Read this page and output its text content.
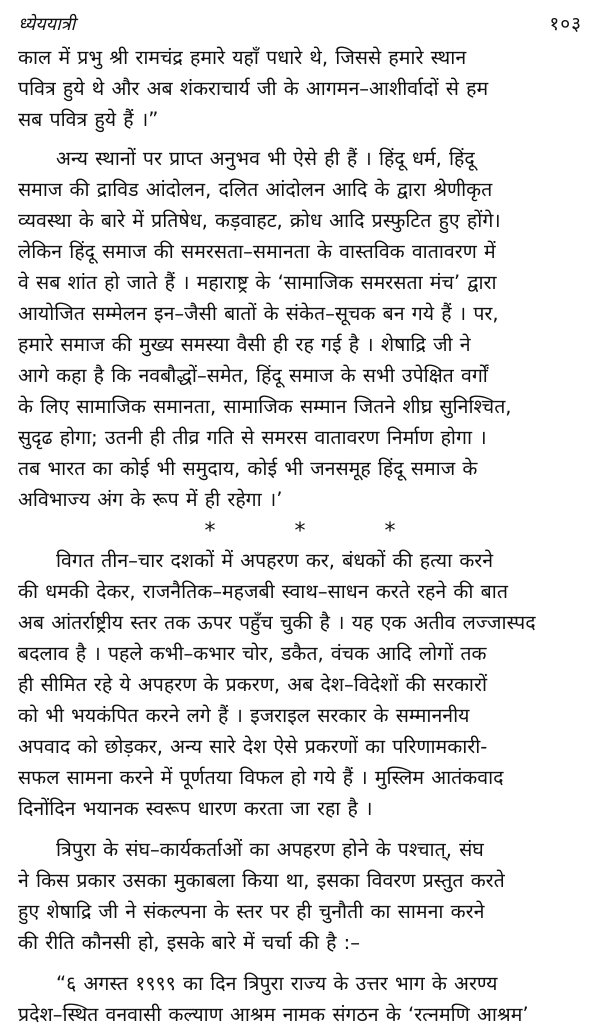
ध्येययात्री	१०३

काल में प्रभु श्री रामचंद्र हमारे यहाँ पधारे थे, जिससे हमारे स्थान
पवित्र हुये थे और अब शंकराचार्य जी के आगमन–आशीर्वादों से हम
सब पवित्र हुये हैं ।”

अन्य स्थानों पर प्राप्त अनुभव भी ऐसे ही हैं । हिंदू धर्म, हिंदू
समाज की द्राविड आंदोलन, दलित आंदोलन आदि के द्वारा श्रेणीकृत
व्यवस्था के बारे में प्रतिषेध, कड़वाहट, क्रोध आदि प्रस्फुटित हुए होंगे।
लेकिन हिंदू समाज की समरसता–समानता के वास्तविक वातावरण में
वे सब शांत हो जाते हैं । महाराष्ट्र के ‘सामाजिक समरसता मंच’ द्वारा
आयोजित सम्मेलन इन–जैसी बातों के संकेत–सूचक बन गये हैं । पर,
हमारे समाज की मुख्य समस्या वैसी ही रह गई है । शेषाद्रि जी ने
आगे कहा है कि नवबौद्धों–समेत, हिंदू समाज के सभी उपेक्षित वर्गों
के लिए सामाजिक समानता, सामाजिक सम्मान जितने शीघ्र सुनिश्चित,
सुदृढ होगा; उतनी ही तीव्र गति से समरस वातावरण निर्माण होगा ।
तब भारत का कोई भी समुदाय, कोई भी जनसमूह हिंदू समाज के
अविभाज्य अंग के रूप में ही रहेगा ।’

* * *

विगत तीन–चार दशकों में अपहरण कर, बंधकों की हत्या करने
की धमकी देकर, राजनैतिक–महजबी स्वाथ–साधन करते रहने की बात
अब आंतर्राष्ट्रीय स्तर तक ऊपर पहुँच चुकी है । यह एक अतीव लज्जास्पद
बदलाव है । पहले कभी–कभार चोर, डकैत, वंचक आदि लोगों तक
ही सीमित रहे ये अपहरण के प्रकरण, अब देश–विदेशों की सरकारों
को भी भयकंपित करने लगे हैं । इजराइल सरकार के सम्माननीय
अपवाद को छोड़कर, अन्य सारे देश ऐसे प्रकरणों का परिणामकारी-
सफल सामना करने में पूर्णतया विफल हो गये हैं । मुस्लिम आतंकवाद
दिनोंदिन भयानक स्वरूप धारण करता जा रहा है ।

त्रिपुरा के संघ–कार्यकर्ताओं का अपहरण होने के पश्चात्, संघ
ने किस प्रकार उसका मुकाबला किया था, इसका विवरण प्रस्तुत करते
हुए शेषाद्रि जी ने संकल्पना के स्तर पर ही चुनौती का सामना करने
की रीति कौनसी हो, इसके बारे में चर्चा की है :–

“६ अगस्त १९९९ का दिन त्रिपुरा राज्य के उत्तर भाग के अरण्य
प्रदेश–स्थित वनवासी कल्याण आश्रम नामक संगठन के ‘रत्नमणि आश्रम’
